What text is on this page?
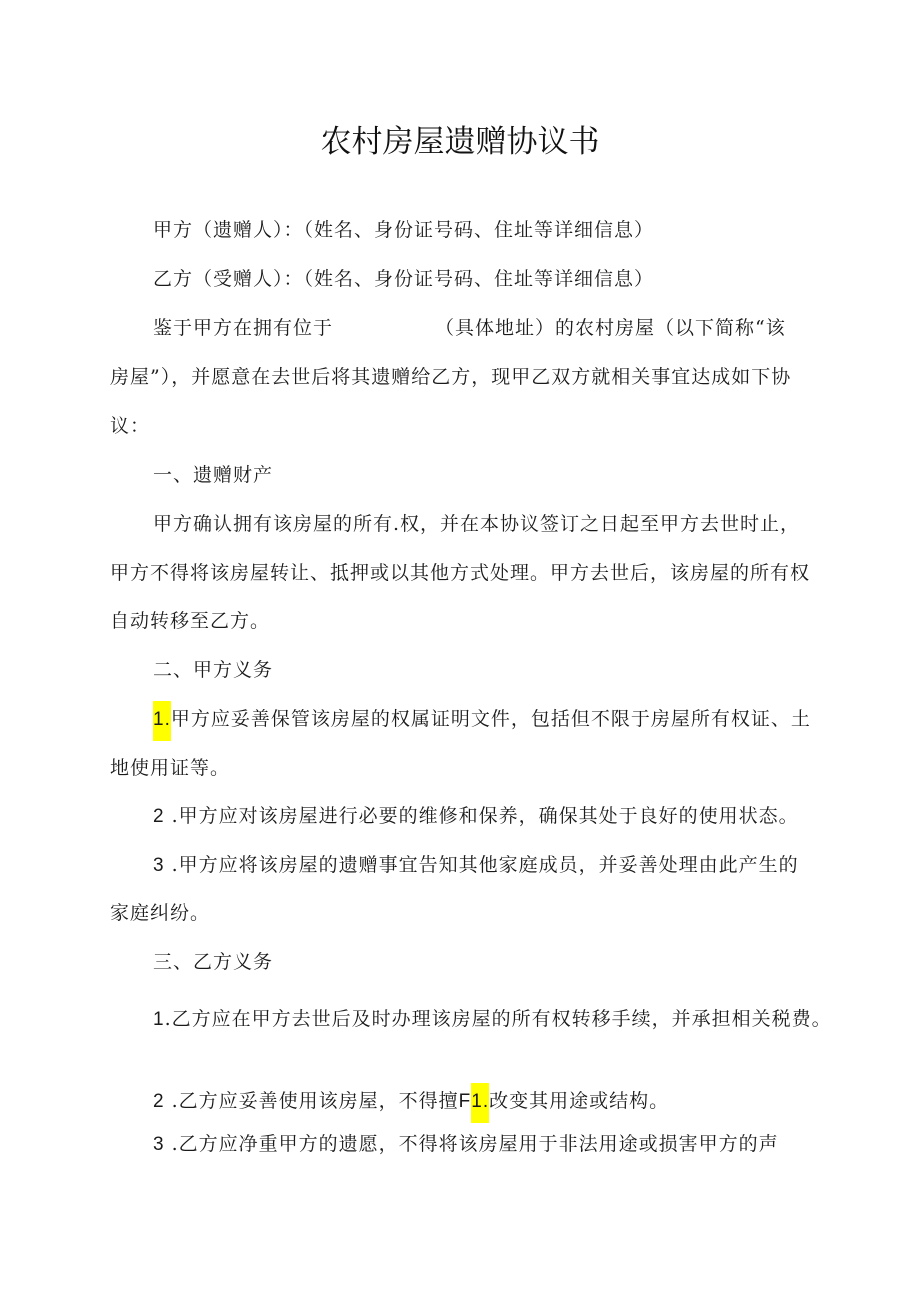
农村房屋遗赠协议书
甲方（遗赠人）：（姓名、身份证号码、住址等详细信息）
乙方（受赠人）：（姓名、身份证号码、住址等详细信息）
鉴于甲方在拥有位于	（具体地址）的农村房屋（以下简称“该
房屋”），并愿意在去世后将其遗赠给乙方，现甲乙双方就相关事宜达成如下协
议：
一、遗赠财产
甲方确认拥有该房屋的所有.权，并在本协议签订之日起至甲方去世时止，
甲方不得将该房屋转让、抵押或以其他方式处理。甲方去世后，该房屋的所有权
自动转移至乙方。
二、甲方义务
1.甲方应妥善保管该房屋的权属证明文件，包括但不限于房屋所有权证、土
地使用证等。
2 .甲方应对该房屋进行必要的维修和保养，确保其处于良好的使用状态。
3 .甲方应将该房屋的遗赠事宜告知其他家庭成员，并妥善处理由此产生的
家庭纠纷。
三、乙方义务
1.乙方应在甲方去世后及时办理该房屋的所有权转移手续，并承担相关税费。
2 .乙方应妥善使用该房屋，不得擅F1.改变其用途或结构。
3 .乙方应净重甲方的遗愿，不得将该房屋用于非法用途或损害甲方的声
